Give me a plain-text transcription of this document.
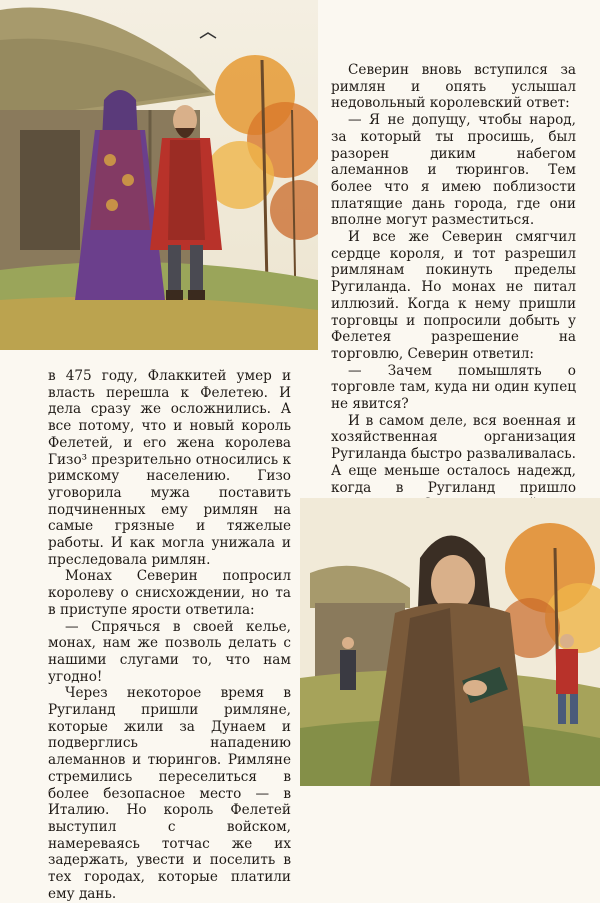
Северин вновь вступился за римлян и опять услышал недовольный королевский ответ:

— Я не допущу, чтобы народ, за который ты просишь, был разорен диким набегом алеманнов и тюрингов. Тем более что я имею поблизости платящие дань города, где они вполне могут разместиться.

И все же Северин смягчил сердце короля, и тот разрешил римлянам покинуть пределы Ругиланда. Но монах не питал иллюзий. Когда к нему пришли торговцы и попросили добыть у Фелетея разрешение на торговлю, Северин ответил:

— Зачем помышлять о торговле там, куда ни один купец не явится?

И в самом деле, вся военная и хозяйственная организация Ругиланда быстро разваливалась. А еще меньше осталось надежд, когда в Ругиланд пришло

в 475 году, Флаккитей умер и власть перешла к Фелетею. И дела сразу же осложнились. А все потому, что и новый король Фелетей, и его жена королева Гизо³ презрительно относились к римскому населению. Гизо уговорила мужа поставить подчиненных ему римлян на самые грязные и тяжелые работы. И как могла унижала и преследовала римлян.

Монах Северин попросил королеву о снисхождении, но та в приступе ярости ответила:

— Спрячься в своей келье, монах, нам же позволь делать с нашими слугами то, что нам угодно!

Через некоторое время в Ругиланд пришли римляне, которые жили за Дунаем и подверглись нападению алеманнов и тюрингов. Римляне стремились переселиться в более безопасное место — в Италию. Но король Фелетей выступил с войском, намереваясь тотчас же их задержать, увести и поселить в тех городах, которые платили ему дань.
